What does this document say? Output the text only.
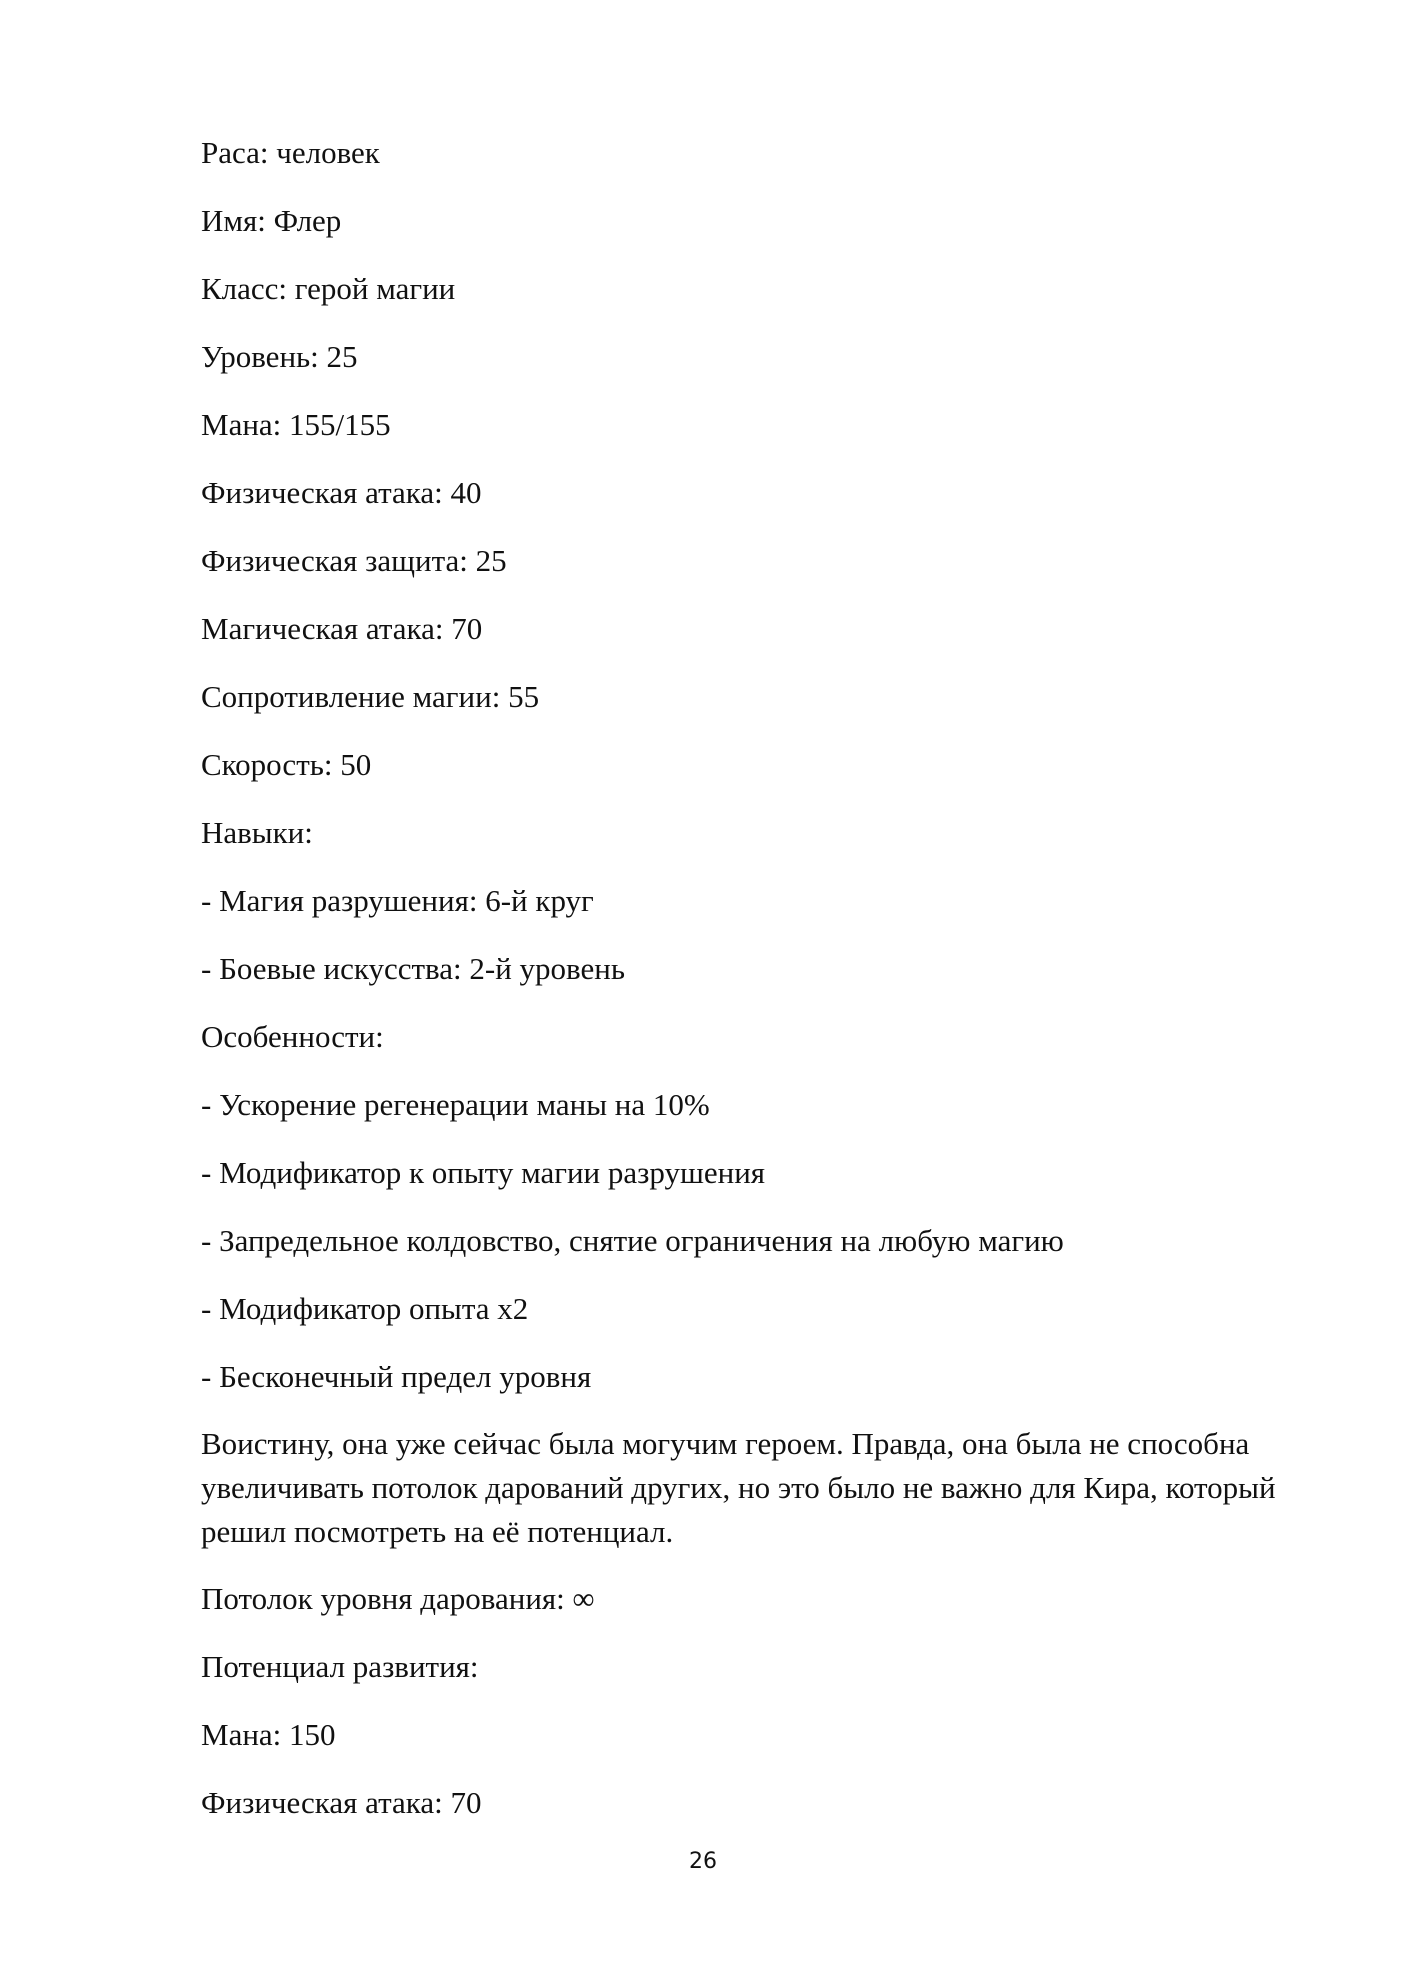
Раса: человек
Имя: Флер
Класс: герой магии
Уровень: 25
Мана: 155/155
Физическая атака: 40
Физическая защита: 25
Магическая атака: 70
Сопротивление магии: 55
Скорость: 50
Навыки:
- Магия разрушения: 6-й круг
- Боевые искусства: 2-й уровень
Особенности:
- Ускорение регенерации маны на 10%
- Модификатор к опыту магии разрушения
- Запредельное колдовство, снятие ограничения на любую магию
- Модификатор опыта x2
- Бесконечный предел уровня
Воистину, она уже сейчас была могучим героем. Правда, она была не способна увеличивать потолок дарований других, но это было не важно для Кира, который решил посмотреть на её потенциал.
Потолок уровня дарования: ∞
Потенциал развития:
Мана: 150
Физическая атака: 70
26
